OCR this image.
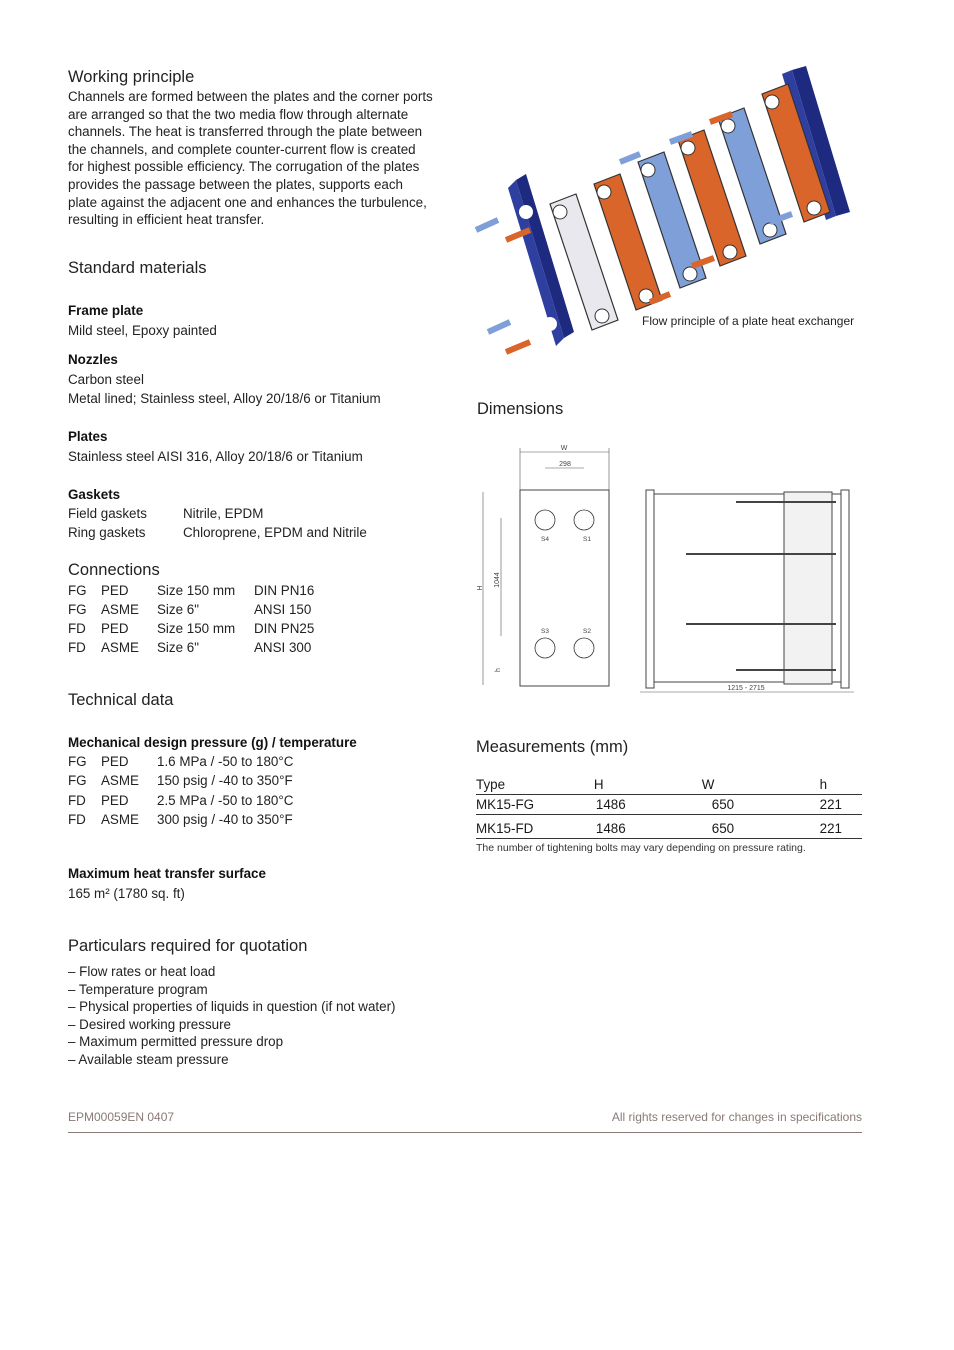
Working principle
Channels are formed between the plates and the corner ports
are arranged so that the two media flow through alternate
channels. The heat is transferred through the plate between
the channels, and complete counter-current flow is created
for highest possible efficiency. The corrugation of the plates
provides the passage between the plates, supports each
plate against the adjacent one and enhances the turbulence,
resulting in efficient heat transfer.
Standard materials
Frame plate
Mild steel, Epoxy painted
Nozzles
Carbon steel
Metal lined; Stainless steel, Alloy 20/18/6 or Titanium
Plates
Stainless steel AISI 316, Alloy 20/18/6 or Titanium
Gaskets
Field gaskets	Nitrile, EPDM
Ring gaskets	Chloroprene, EPDM and Nitrile
Connections
FG PED Size 150 mm DIN PN16
FG ASME Size 6"	ANSI 150
FD PED Size 150 mm DIN PN25
FD ASME Size 6"	ANSI 300
Technical data
Mechanical design pressure (g) / temperature
FG PED 1.6 MPa / -50 to 180°C
FG ASME 150 psig / -40 to 350°F
FD PED 2.5 MPa / -50 to 180°C
FD ASME 300 psig / -40 to 350°F
Maximum heat transfer surface
165 m² (1780 sq. ft)
Particulars required for quotation
– Flow rates or heat load
– Temperature program
– Physical properties of liquids in question (if not water)
– Desired working pressure
– Maximum permitted pressure drop
– Available steam pressure
Flow principle of a plate heat exchanger
Dimensions
W
298
H
1044
h
S4	S1
S3	S2
1215 - 2715
Measurements (mm)
Type	H	W	h
MK15-FG	1486	650	221
MK15-FD	1486	650	221
The number of tightening bolts may vary depending on pressure rating.
EPM00059EN 0407	All rights reserved for changes in specifications
